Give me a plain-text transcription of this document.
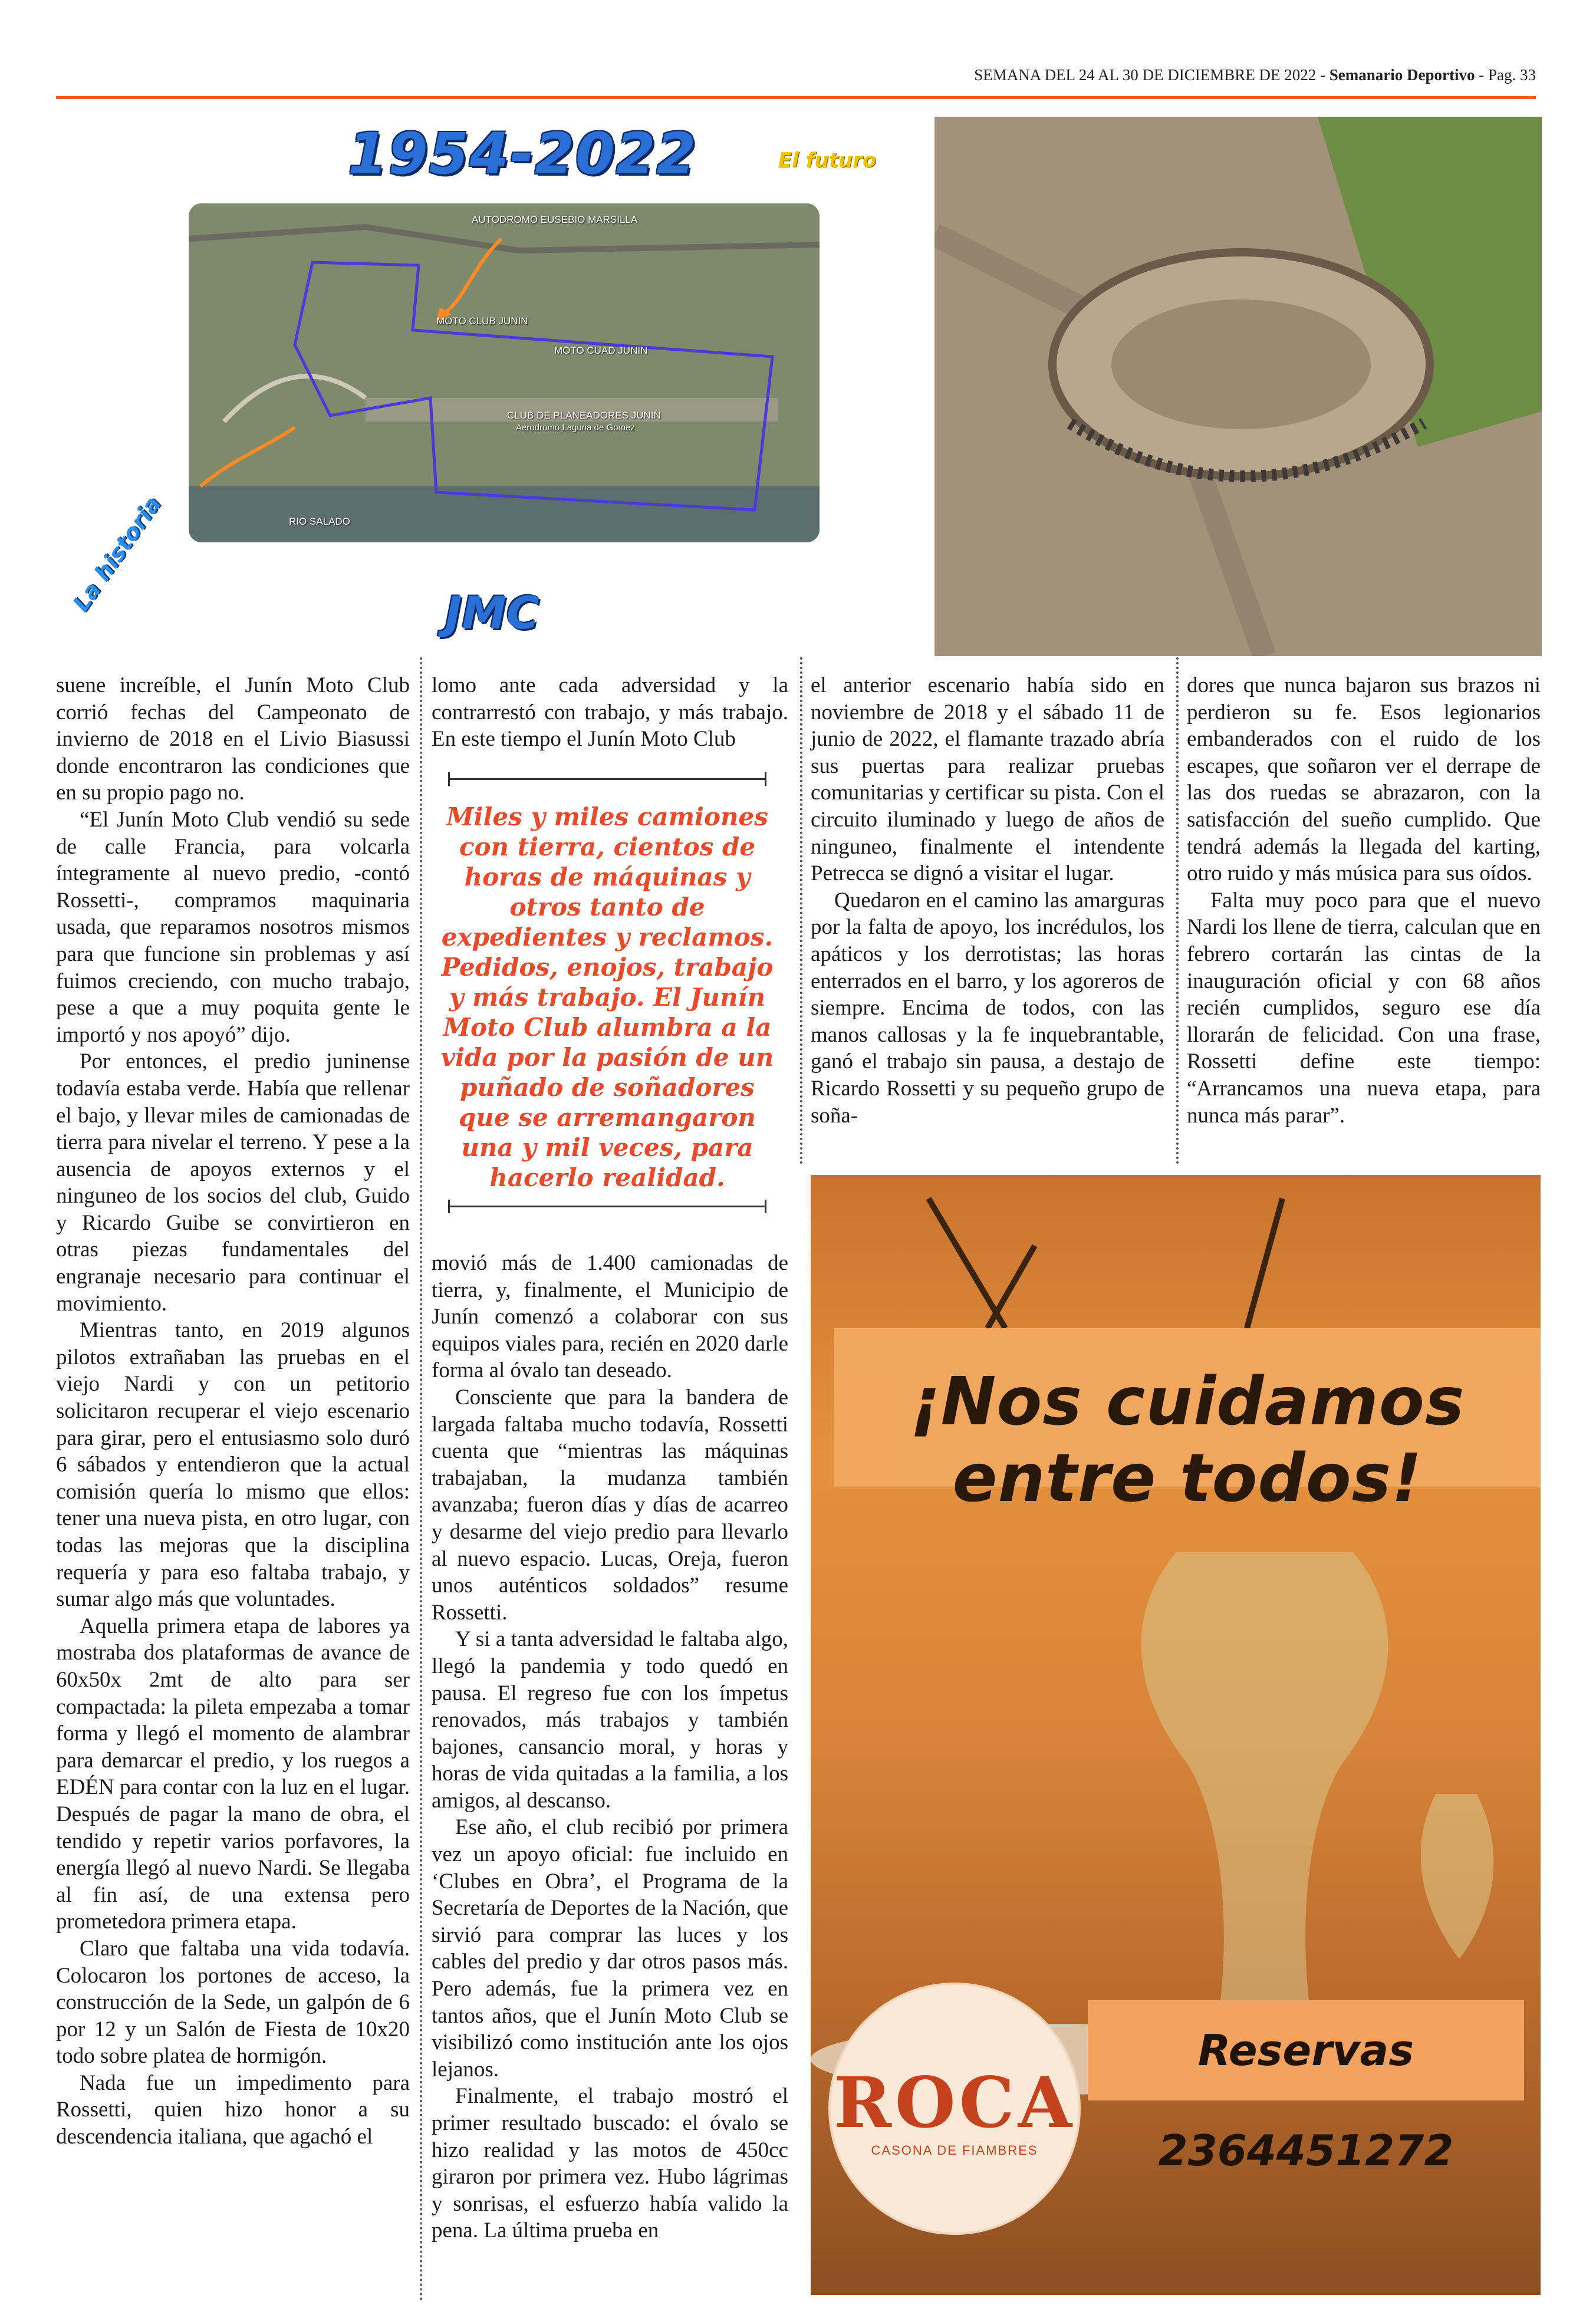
SEMANA DEL 24 AL 30 DE DICIEMBRE DE 2022 - Semanario Deportivo - Pag. 33
AUTODROMO EUSEBIO MARSILLA
MOTO CLUB JUNIN
MOTO CUAD JUNIN
CLUB DE PLANEADORES JUNIN
Aerodromo Laguna de Gomez
RIO SALADO
1954-2022	El futuro
La historia	JMC

suene increíble, el Junín Moto Club corrió fechas del Campeonato de invierno de 2018 en el Livio Biasussi donde encontraron las condiciones que en su propio pago no.

“El Junín Moto Club vendió su sede de calle Francia, para volcarla íntegramente al nuevo predio, -contó Rossetti-, compramos maquinaria usada, que reparamos nosotros mismos para que funcione sin problemas y así fuimos creciendo, con mucho trabajo, pese a que a muy poquita gente le importó y nos apoyó” dijo.

Por entonces, el predio juninense todavía estaba verde. Había que rellenar el bajo, y llevar miles de camionadas de tierra para nivelar el terreno. Y pese a la ausencia de apoyos externos y el ninguneo de los socios del club, Guido y Ricardo Guibe se convirtieron en otras piezas fundamentales del engranaje necesario para continuar el movimiento.

Mientras tanto, en 2019 algunos pilotos extrañaban las pruebas en el viejo Nardi y con un petitorio solicitaron recuperar el viejo escenario para girar, pero el entusiasmo solo duró 6 sábados y entendieron que la actual comisión quería lo mismo que ellos: tener una nueva pista, en otro lugar, con todas las mejoras que la disciplina requería y para eso faltaba trabajo, y sumar algo más que voluntades.

Aquella primera etapa de labores ya mostraba dos plataformas de avance de 60x50x 2mt de alto para ser compactada: la pileta empezaba a tomar forma y llegó el momento de alambrar para demarcar el predio, y los ruegos a EDÉN para contar con la luz en el lugar. Después de pagar la mano de obra, el tendido y repetir varios porfavores, la energía llegó al nuevo Nardi. Se llegaba al fin así, de una extensa pero prometedora primera etapa.

Claro que faltaba una vida todavía. Colocaron los portones de acceso, la construcción de la Sede, un galpón de 6 por 12 y un Salón de Fiesta de 10x20 todo sobre platea de hormigón.

Nada fue un impedimento para Rossetti, quien hizo honor a su descendencia italiana, que agachó el

lomo ante cada adversidad y la contrarrestó con trabajo, y más trabajo. En este tiempo el Junín Moto Club

Miles y miles camiones con tierra, cientos de horas de máquinas y otros tanto de expedientes y reclamos. Pedidos, enojos, trabajo y más trabajo. El Junín Moto Club alumbra a la vida por la pasión de un puñado de soñadores que se arremangaron una y mil veces, para hacerlo realidad.

movió más de 1.400 camionadas de tierra, y, finalmente, el Municipio de Junín comenzó a colaborar con sus equipos viales para, recién en 2020 darle forma al óvalo tan deseado.

Consciente que para la bandera de largada faltaba mucho todavía, Rossetti cuenta que “mientras las máquinas trabajaban, la mudanza también avanzaba; fueron días y días de acarreo y desarme del viejo predio para llevarlo al nuevo espacio. Lucas, Oreja, fueron unos auténticos soldados” resume Rossetti.

Y si a tanta adversidad le faltaba algo, llegó la pandemia y todo quedó en pausa. El regreso fue con los ímpetus renovados, más trabajos y también bajones, cansancio moral, y horas y horas de vida quitadas a la familia, a los amigos, al descanso.

Ese año, el club recibió por primera vez un apoyo oficial: fue incluido en ‘Clubes en Obra’, el Programa de la Secretaría de Deportes de la Nación, que sirvió para comprar las luces y los cables del predio y dar otros pasos más. Pero además, fue la primera vez en tantos años, que el Junín Moto Club se visibilizó como institución ante los ojos lejanos.

Finalmente, el trabajo mostró el primer resultado buscado: el óvalo se hizo realidad y las motos de 450cc giraron por primera vez. Hubo lágrimas y sonrisas, el esfuerzo había valido la pena. La última prueba en

el anterior escenario había sido en noviembre de 2018 y el sábado 11 de junio de 2022, el flamante trazado abría sus puertas para realizar pruebas comunitarias y certificar su pista. Con el circuito iluminado y luego de años de ninguneo, finalmente el intendente Petrecca se dignó a visitar el lugar.

Quedaron en el camino las amarguras por la falta de apoyo, los incrédulos, los apáticos y los derrotistas; las horas enterrados en el barro, y los agoreros de siempre. Encima de todos, con las manos callosas y la fe inquebrantable, ganó el trabajo sin pausa, a destajo de Ricardo Rossetti y su pequeño grupo de soña-

dores que nunca bajaron sus brazos ni perdieron su fe. Esos legionarios embanderados con el ruido de los escapes, que soñaron ver el derrape de las dos ruedas se abrazaron, con la satisfacción del sueño cumplido. Que tendrá además la llegada del karting, otro ruido y más música para sus oídos.

Falta muy poco para que el nuevo Nardi los llene de tierra, calculan que en febrero cortarán las cintas de la inauguración oficial y con 68 años recién cumplidos, seguro ese día llorarán de felicidad. Con una frase, Rossetti define este tiempo: “Arrancamos una nueva etapa, para nunca más parar”.

¡Nos cuidamos entre todos!
ROCA
CASONA DE FIAMBRES
Reservas 2364451272
